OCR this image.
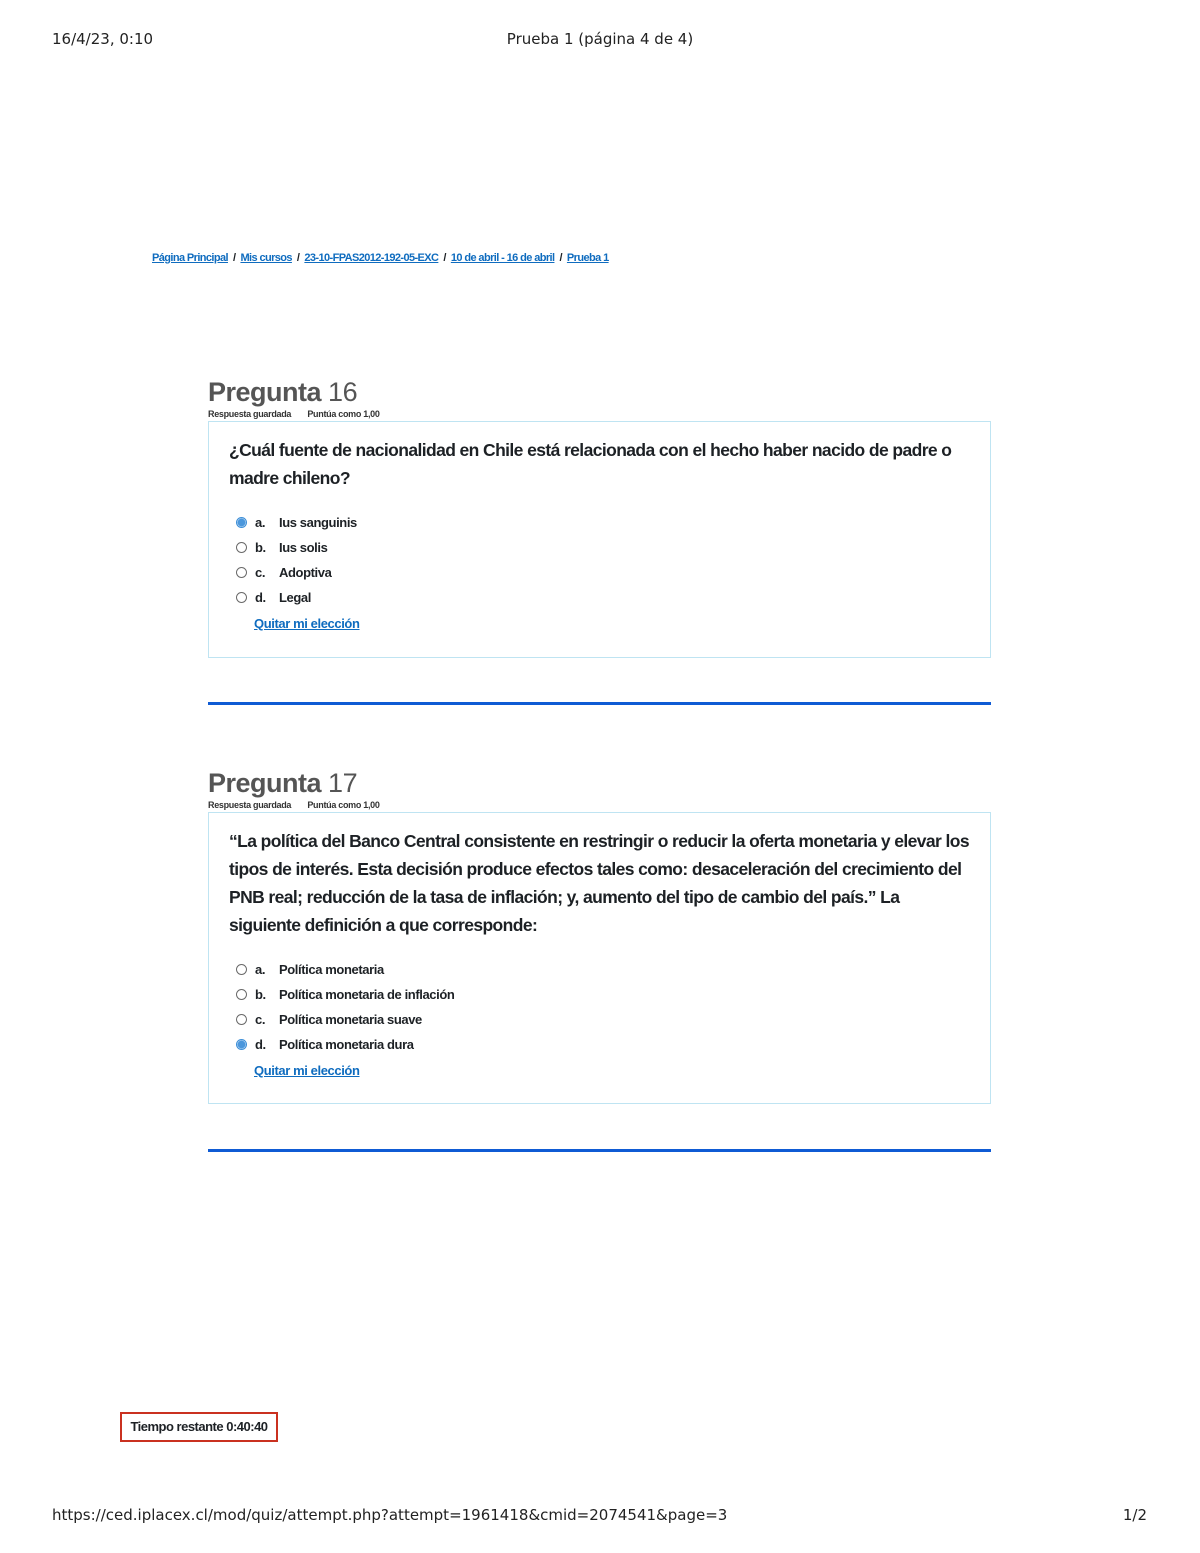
16/4/23, 0:10	Prueba 1 (página 4 de 4)
Página Principal / Mis cursos / 23-10-FPAS2012-192-05-EXC / 10 de abril - 16 de abril / Prueba 1
Pregunta 16
Respuesta guardada Puntúa como 1,00
¿Cuál fuente de nacionalidad en Chile está relacionada con el hecho haber nacido de padre o madre chileno?
a.	Ius sanguinis
b.	Ius solis
c.	Adoptiva
d.	Legal
Quitar mi elección
Pregunta 17
Respuesta guardada Puntúa como 1,00
“La política del Banco Central consistente en restringir o reducir la oferta monetaria y elevar los tipos de interés. Esta decisión produce efectos tales como: desaceleración del crecimiento del PNB real; reducción de la tasa de inflación; y, aumento del tipo de cambio del país.” La siguiente definición a que corresponde:
a.	Política monetaria
b.	Política monetaria de inflación
c.	Política monetaria suave
d.	Política monetaria dura
Quitar mi elección
Tiempo restante 0:40:40
https://ced.iplacex.cl/mod/quiz/attempt.php?attempt=1961418&cmid=2074541&page=3	1/2
